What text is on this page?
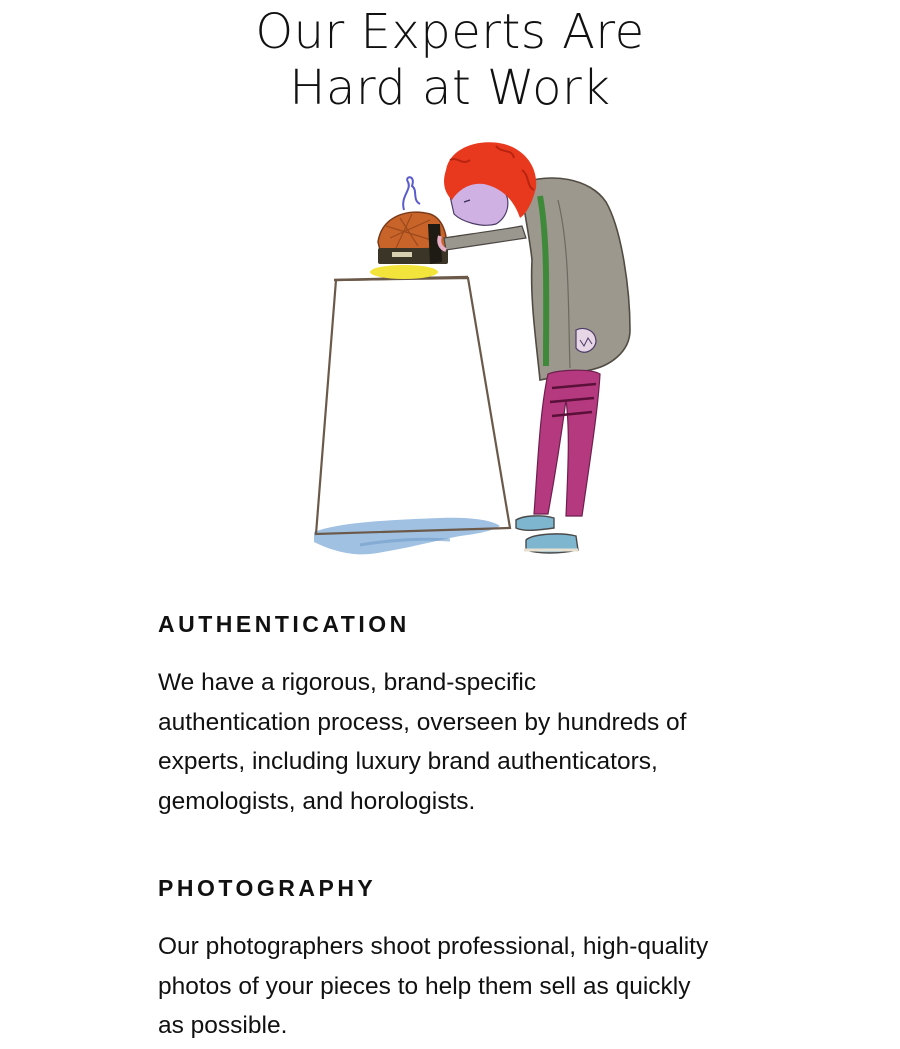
Our Experts Are
Hard at Work
AUTHENTICATION

We have a rigorous, brand-specific
authentication process, overseen by hundreds of
experts, including luxury brand authenticators,
gemologists, and horologists.

PHOTOGRAPHY

Our photographers shoot professional, high-quality
photos of your pieces to help them sell as quickly
as possible.
